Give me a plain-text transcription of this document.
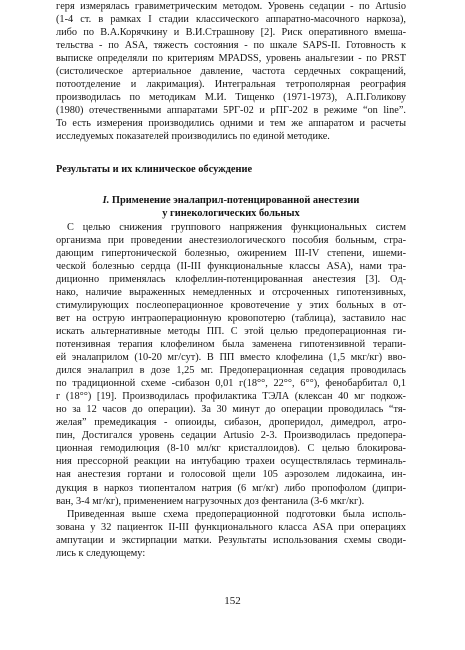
гeря измерялась гравиметрическим методом. Уровень седации - по Artusio
(1-4 ст. в рамках I стадии классического аппаратно-масочного наркоза),
либо по В.А.Корячкину и В.И.Страшнову [2]. Риск оперативного вмеша-
тельства - по ASA, тяжесть состояния - по шкале SAPS-II. Готовность к
выписке определяли по критериям MPADSS, уровень анальгезии - по PRST
(систолическое артериальное давление, частота сердечных сокращений,
потоотделение и лакримация). Интегральная тетрополярная реография
производилась по методикам М.И. Тищенко (1971-1973), А.П.Голикову
(1980) отечественными аппаратами 5РГ-02 и рПГ-202 в режиме “on line”.
То есть измерения производились одними и тем же аппаратом и расчеты
исследуемых показателей производились по единой методике.
Результаты и их клиническое обсуждение
I. Применение эналаприл-потенцированной анестезии
у гинекологических больных
С целью снижения группового напряжения функциональных систем
организма при проведении анестезиологического пособия больным, стра-
дающим гипертонической болезнью, ожирением III-IV степени, ишеми-
ческой болезнью сердца (II-III функциональные классы ASA), нами тра-
диционно применялась клофеллин-потенцированная анестезия [3]. Од-
нако, наличие выраженных немедленных и отсроченных гипотензивных,
стимулирующих послеоперационное кровотечение у этих больных в от-
вет на острую интраоперационную кровопотерю (таблица), заставило нас
искать альтернативные методы ПП. С этой целью предоперационная ги-
потензивная терапия клофелином была заменена гипотензивной терапи-
ей эналаприлом (10-20 мг/сут). В ПП вместо клофелина (1,5 мкг/кг) вво-
дился эналаприл в дозе 1,25 мг. Предоперационная седация проводилась
по традиционной схеме -сибазон 0,01 г(18°°, 22°°, 6°°), фенобарбитал 0,1
г (18°°) [19]. Производилась профилактика ТЭЛА (клексан 40 мг подкож-
но за 12 часов до операции). За 30 минут до операции проводилась “тя-
желая” премедикация - опиоиды, сибазон, дроперидол, димедрол, атро-
пин, Достигался уровень седации Artusio 2-3. Производилась предопера-
ционная гемодилюция (8-10 мл/кг кристаллоидов). С целью блокирова-
ния прессорной реакции на интубацию трахеи осуществлялась терминаль-
ная анестезия гортани и голосовой щели 105 аэрозолем лидокаина, ин-
дукция в наркоз тиопенталом натрия (6 мг/кг) либо пропофолом (дипри-
ван, 3-4 мг/кг), применением нагрузочных доз фентанила (3-6 мкг/кг).
Приведенная выше схема предоперационной подготовки была исполь-
зована у 32 пациенток II-III функционального класса ASA при операциях
ампутации и экстирпации матки. Результаты использования схемы своди-
лись к следующему:
152
